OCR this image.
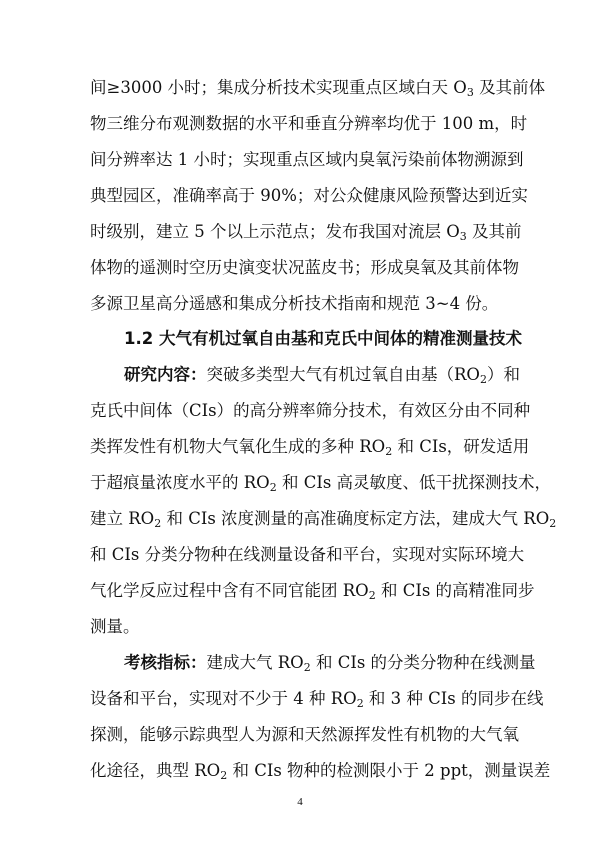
间≥3000 小时；集成分析技术实现重点区域白天 $O_3$ 及其前体
物三维分布观测数据的水平和垂直分辨率均优于 100 m，时
间分辨率达 1 小时；实现重点区域内臭氧污染前体物溯源到
典型园区，准确率高于 90%；对公众健康风险预警达到近实
时级别，建立 5 个以上示范点；发布我国对流层 $O_3$ 及其前
体物的遥测时空历史演变状况蓝皮书；形成臭氧及其前体物
多源卫星高分遥感和集成分析技术指南和规范 3~4 份。
1.2 大气有机过氧自由基和克氏中间体的精准测量技术
研究内容：突破多类型大气有机过氧自由基$(RO_2)$和
克氏中间体（CIs）的高分辨率筛分技术，有效区分由不同种
类挥发性有机物大气氧化生成的多种 $RO_2$ 和 CIs，研发适用
于超痕量浓度水平的 $RO_2$ 和 CIs 高灵敏度、低干扰探测技术，
建立 $RO_2$ 和 CIs 浓度测量的高准确度标定方法，建成大气 $RO_2$
和 CIs 分类分物种在线测量设备和平台，实现对实际环境大
气化学反应过程中含有不同官能团 $RO_2$ 和 CIs 的高精准同步
测量。
考核指标：建成大气 $RO_2$ 和 CIs 的分类分物种在线测量
设备和平台，实现对不少于 4 种 $RO_2$ 和 3 种 CIs 的同步在线
探测，能够示踪典型人为源和天然源挥发性有机物的大气氧
化途径，典型 $RO_2$ 和 CIs 物种的检测限小于 2 ppt，测量误差
4
